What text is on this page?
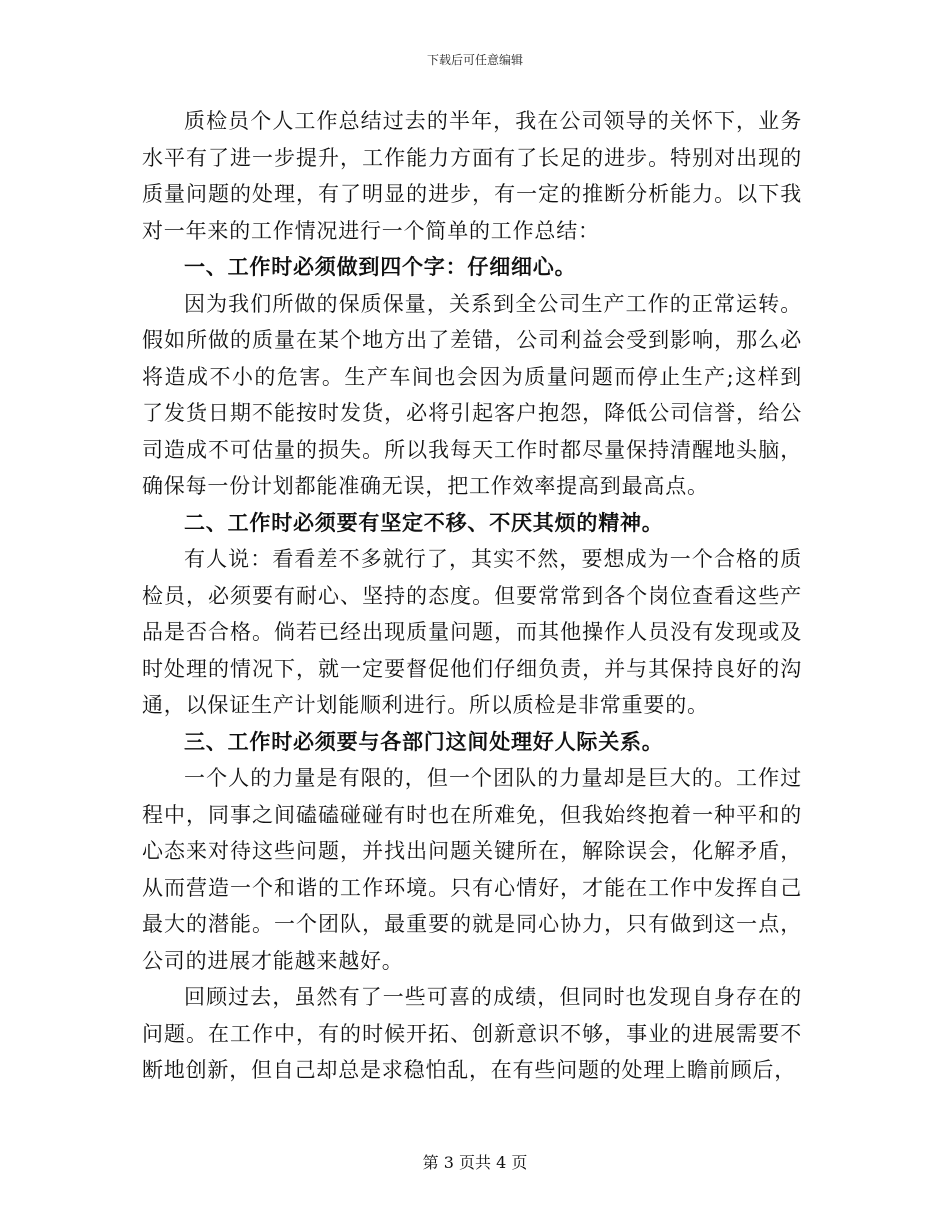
下载后可任意编辑

质检员个人工作总结过去的半年，我在公司领导的关怀下，业务水平有了进一步提升，工作能力方面有了长足的进步。特别对出现的质量问题的处理，有了明显的进步，有一定的推断分析能力。以下我对一年来的工作情况进行一个简单的工作总结：

一、工作时必须做到四个字：仔细细心。

因为我们所做的保质保量，关系到全公司生产工作的正常运转。假如所做的质量在某个地方出了差错，公司利益会受到影响，那么必将造成不小的危害。生产车间也会因为质量问题而停止生产;这样到了发货日期不能按时发货，必将引起客户抱怨，降低公司信誉，给公司造成不可估量的损失。所以我每天工作时都尽量保持清醒地头脑，确保每一份计划都能准确无误，把工作效率提高到最高点。

二、工作时必须要有坚定不移、不厌其烦的精神。

有人说：看看差不多就行了，其实不然，要想成为一个合格的质检员，必须要有耐心、坚持的态度。但要常常到各个岗位查看这些产品是否合格。倘若已经出现质量问题，而其他操作人员没有发现或及时处理的情况下，就一定要督促他们仔细负责，并与其保持良好的沟通，以保证生产计划能顺利进行。所以质检是非常重要的。

三、工作时必须要与各部门这间处理好人际关系。

一个人的力量是有限的，但一个团队的力量却是巨大的。工作过程中，同事之间磕磕碰碰有时也在所难免，但我始终抱着一种平和的心态来对待这些问题，并找出问题关键所在，解除误会，化解矛盾，从而营造一个和谐的工作环境。只有心情好，才能在工作中发挥自己最大的潜能。一个团队，最重要的就是同心协力，只有做到这一点，公司的进展才能越来越好。

回顾过去，虽然有了一些可喜的成绩，但同时也发现自身存在的问题。在工作中，有的时候开拓、创新意识不够，事业的进展需要不断地创新，但自己却总是求稳怕乱，在有些问题的处理上瞻前顾后，

第 3 页共 4 页
